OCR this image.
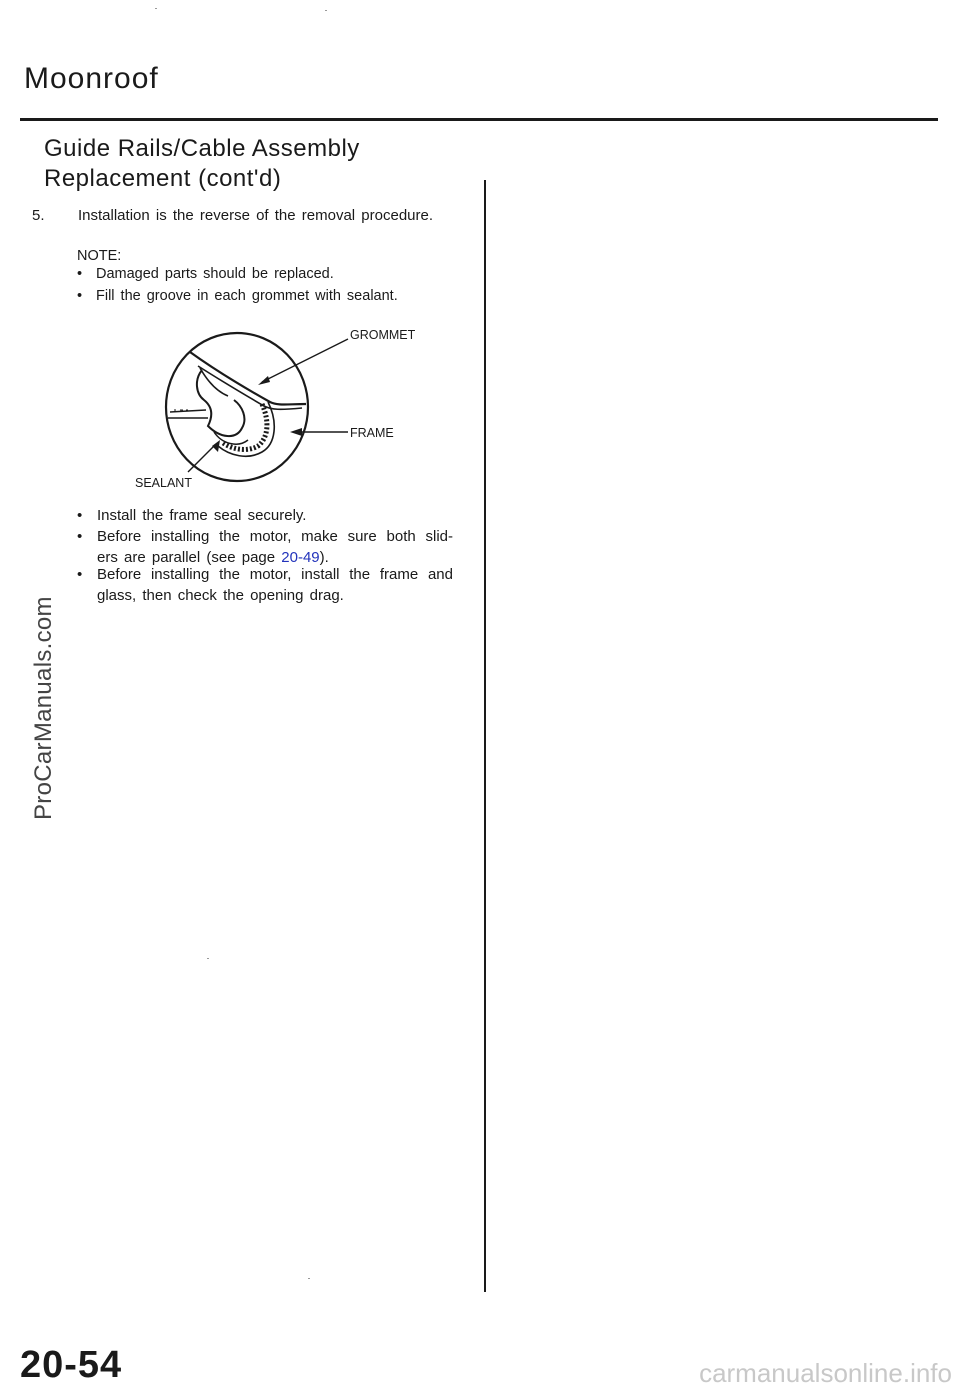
Moonroof
Guide Rails/Cable Assembly
Replacement (cont'd)
5. Installation is the reverse of the removal procedure.
NOTE:
• Damaged parts should be replaced.
• Fill the groove in each grommet with sealant.
GROMMET
FRAME
SEALANT
• Install the frame seal securely.
• Before installing the motor, make sure both slid- ers are parallel (see page 20-49).
• Before installing the motor, install the frame and glass, then check the opening drag.
ProCarManuals.com
20-54	carmanualsonline.info
